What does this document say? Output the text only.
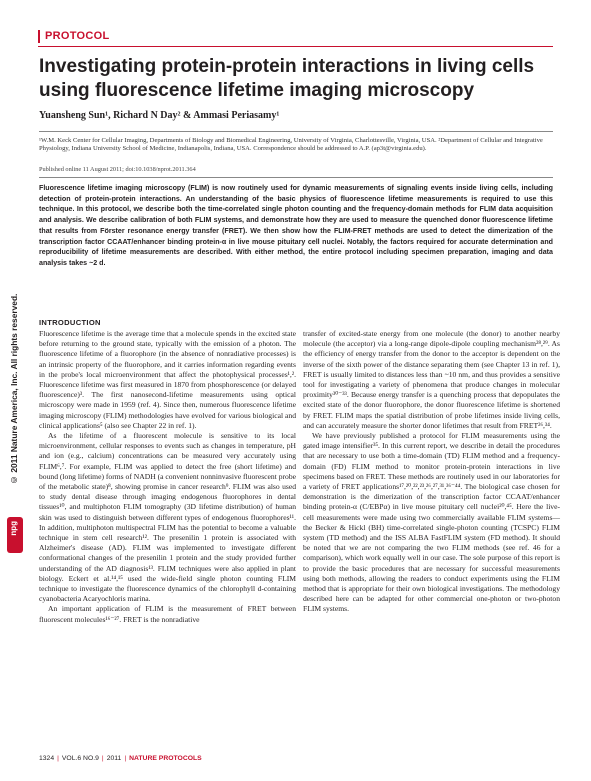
PROTOCOL
Investigating protein-protein interactions in living cells using fluorescence lifetime imaging microscopy
Yuansheng Sun¹, Richard N Day² & Ammasi Periasamy¹

¹W.M. Keck Center for Cellular Imaging, Departments of Biology and Biomedical Engineering, University of Virginia, Charlottesville, Virginia, USA. ²Department of Cellular and Integrative Physiology, Indiana University School of Medicine, Indianapolis, Indiana, USA. Correspondence should be addressed to A.P. (ap3t@virginia.edu).

Published online 11 August 2011; doi:10.1038/nprot.2011.364

Fluorescence lifetime imaging microscopy (FLIM) is now routinely used for dynamic measurements of signaling events inside living cells, including detection of protein-protein interactions. An understanding of the basic physics of fluorescence lifetime measurements is required to use this technique. In this protocol, we describe both the time-correlated single photon counting and the frequency-domain methods for FLIM data acquisition and analysis. We describe calibration of both FLIM systems, and demonstrate how they are used to measure the quenched donor fluorescence lifetime that results from Förster resonance energy transfer (FRET). We then show how the FLIM-FRET methods are used to detect the dimerization of the transcription factor CCAAT/enhancer binding protein-α in live mouse pituitary cell nuclei. Notably, the factors required for accurate determination and reproducibility of lifetime measurements are described. With either method, the entire protocol including specimen preparation, imaging and data analysis takes ~2 d.

© 2011 Nature America, Inc. All rights reserved.
npg
INTRODUCTION

Fluorescence lifetime is the average time that a molecule spends in the excited state before returning to the ground state, typically with the emission of a photon. The fluorescence lifetime of a fluorophore (in the absence of nonradiative processes) is an intrinsic property of the fluorophore, and it carries information regarding events in the probe's local microenvironment that affect the photophysical processes¹,². Fluorescence lifetime was first measured in 1870 from phosphorescence (or delayed fluorescence)³. The first nanosecond-lifetime measurements using optical microscopy were made in 1959 (ref. 4). Since then, numerous fluorescence lifetime imaging microscopy (FLIM) methodologies have evolved for various biological and clinical applications⁵ (also see Chapter 22 in ref. 1).

As the lifetime of a fluorescent molecule is sensitive to its local microenvironment, cellular responses to events such as changes in temperature, pH and ion (e.g., calcium) concentrations can be measured very accurately using FLIM⁶,⁷. For example, FLIM was applied to detect the free (short lifetime) and bound (long lifetime) forms of NADH (a convenient nonninvasive fluorescent probe of the metabolic state)⁸, showing promise in cancer research⁹. FLIM was also used to study dental disease through imaging endogenous fluorophores in dental tissues¹⁰, and multiphoton FLIM tomography (3D lifetime distribution) of human skin was used to distinguish between different types of endogenous fluorophores¹¹. In addition, multiphoton multispectral FLIM has the potential to become a valuable technique in stem cell research¹². The presenilin 1 protein is associated with Alzheimer's disease (AD). FLIM was implemented to investigate different conformational changes of the presenilin 1 protein and the study provided further understanding of the AD diagnosis¹³. FLIM techniques were also applied in plant biology. Eckert et al.¹⁴,¹⁵ used the wide-field single photon counting FLIM technique to investigate the fluorescence dynamics of the chlorophyll d-containing cyanobacteria Acaryochloris marina.

An important application of FLIM is the measurement of FRET between fluorescent molecules¹⁶⁻²⁷. FRET is the nonradiative

transfer of excited-state energy from one molecule (the donor) to another nearby molecule (the acceptor) via a long-range dipole-dipole coupling mechanism²⁸,²⁹. As the efficiency of energy transfer from the donor to the acceptor is dependent on the inverse of the sixth power of the distance separating them (see Chapter 13 in ref. 1), FRET is usually limited to distances less than ~10 nm, and thus provides a sensitive tool for investigating a variety of phenomena that produce changes in molecular proximity³⁰⁻³³. Because energy transfer is a quenching process that depopulates the excited state of the donor fluorophore, the donor fluorescence lifetime is shortened by FRET. FLIM maps the spatial distribution of probe lifetimes inside living cells, and can accurately measure the shorter donor lifetimes that result from FRET²⁶,³⁴.

We have previously published a protocol for FLIM measurements using the gated image intensifier³⁵. In this current report, we describe in detail the procedures that are necessary to use both a time-domain (TD) FLIM method and a frequency-domain (FD) FLIM method to monitor protein-protein interactions in live specimens based on FRET. These methods are routinely used in our laboratories for a variety of FRET applications¹⁷,²⁰,²²,²³,²⁶,²⁷,³¹,³⁶⁻⁴⁴. The biological case chosen for demonstration is the dimerization of the transcription factor CCAAT/enhancer binding protein-α (C/EBPα) in live mouse pituitary cell nuclei²⁰,⁴⁵. Here the live-cell measurements were made using two commercially available FLIM systems—the Becker & Hickl (BH) time-correlated single-photon counting (TCSPC) FLIM system (TD method) and the ISS ALBA FastFLIM system (FD method). It should be noted that we are not comparing the two FLIM methods (see ref. 46 for a comparison), which work equally well in our case. The sole purpose of this report is to provide the basic procedures that are necessary for successful measurements using both methods, allowing the readers to conduct experiments using the FLIM method that is appropriate for their own biological investigations. The methodology described here can be adapted for other commercial one-photon or two-photon FLIM systems.

1324 | VOL.6 NO.9 | 2011 | NATURE PROTOCOLS
